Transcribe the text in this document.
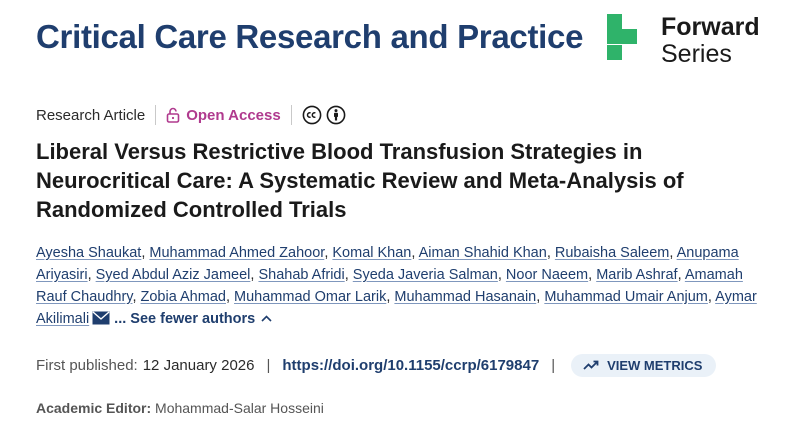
Critical Care Research and Practice	Forward
Series
Research Article	Open Access
Liberal Versus Restrictive Blood Transfusion Strategies in Neurocritical Care: A Systematic Review and Meta-Analysis of Randomized Controlled Trials
Ayesha Shaukat, Muhammad Ahmed Zahoor, Komal Khan, Aiman Shahid Khan, Rubaisha Saleem, Anupama Ariyasiri, Syed Abdul Aziz Jameel, Shahab Afridi, Syeda Javeria Salman, Noor Naeem, Marib Ashraf, Amamah Rauf Chaudhry, Zobia Ahmad, Muhammad Omar Larik, Muhammad Hasanain, Muhammad Umair Anjum, Aymar Akilimali ... See fewer authors
First published: 12 January 2026 | https://doi.org/10.1155/ccrp/6179847 |	VIEW METRICS
Academic Editor: Mohammad-Salar Hosseini
